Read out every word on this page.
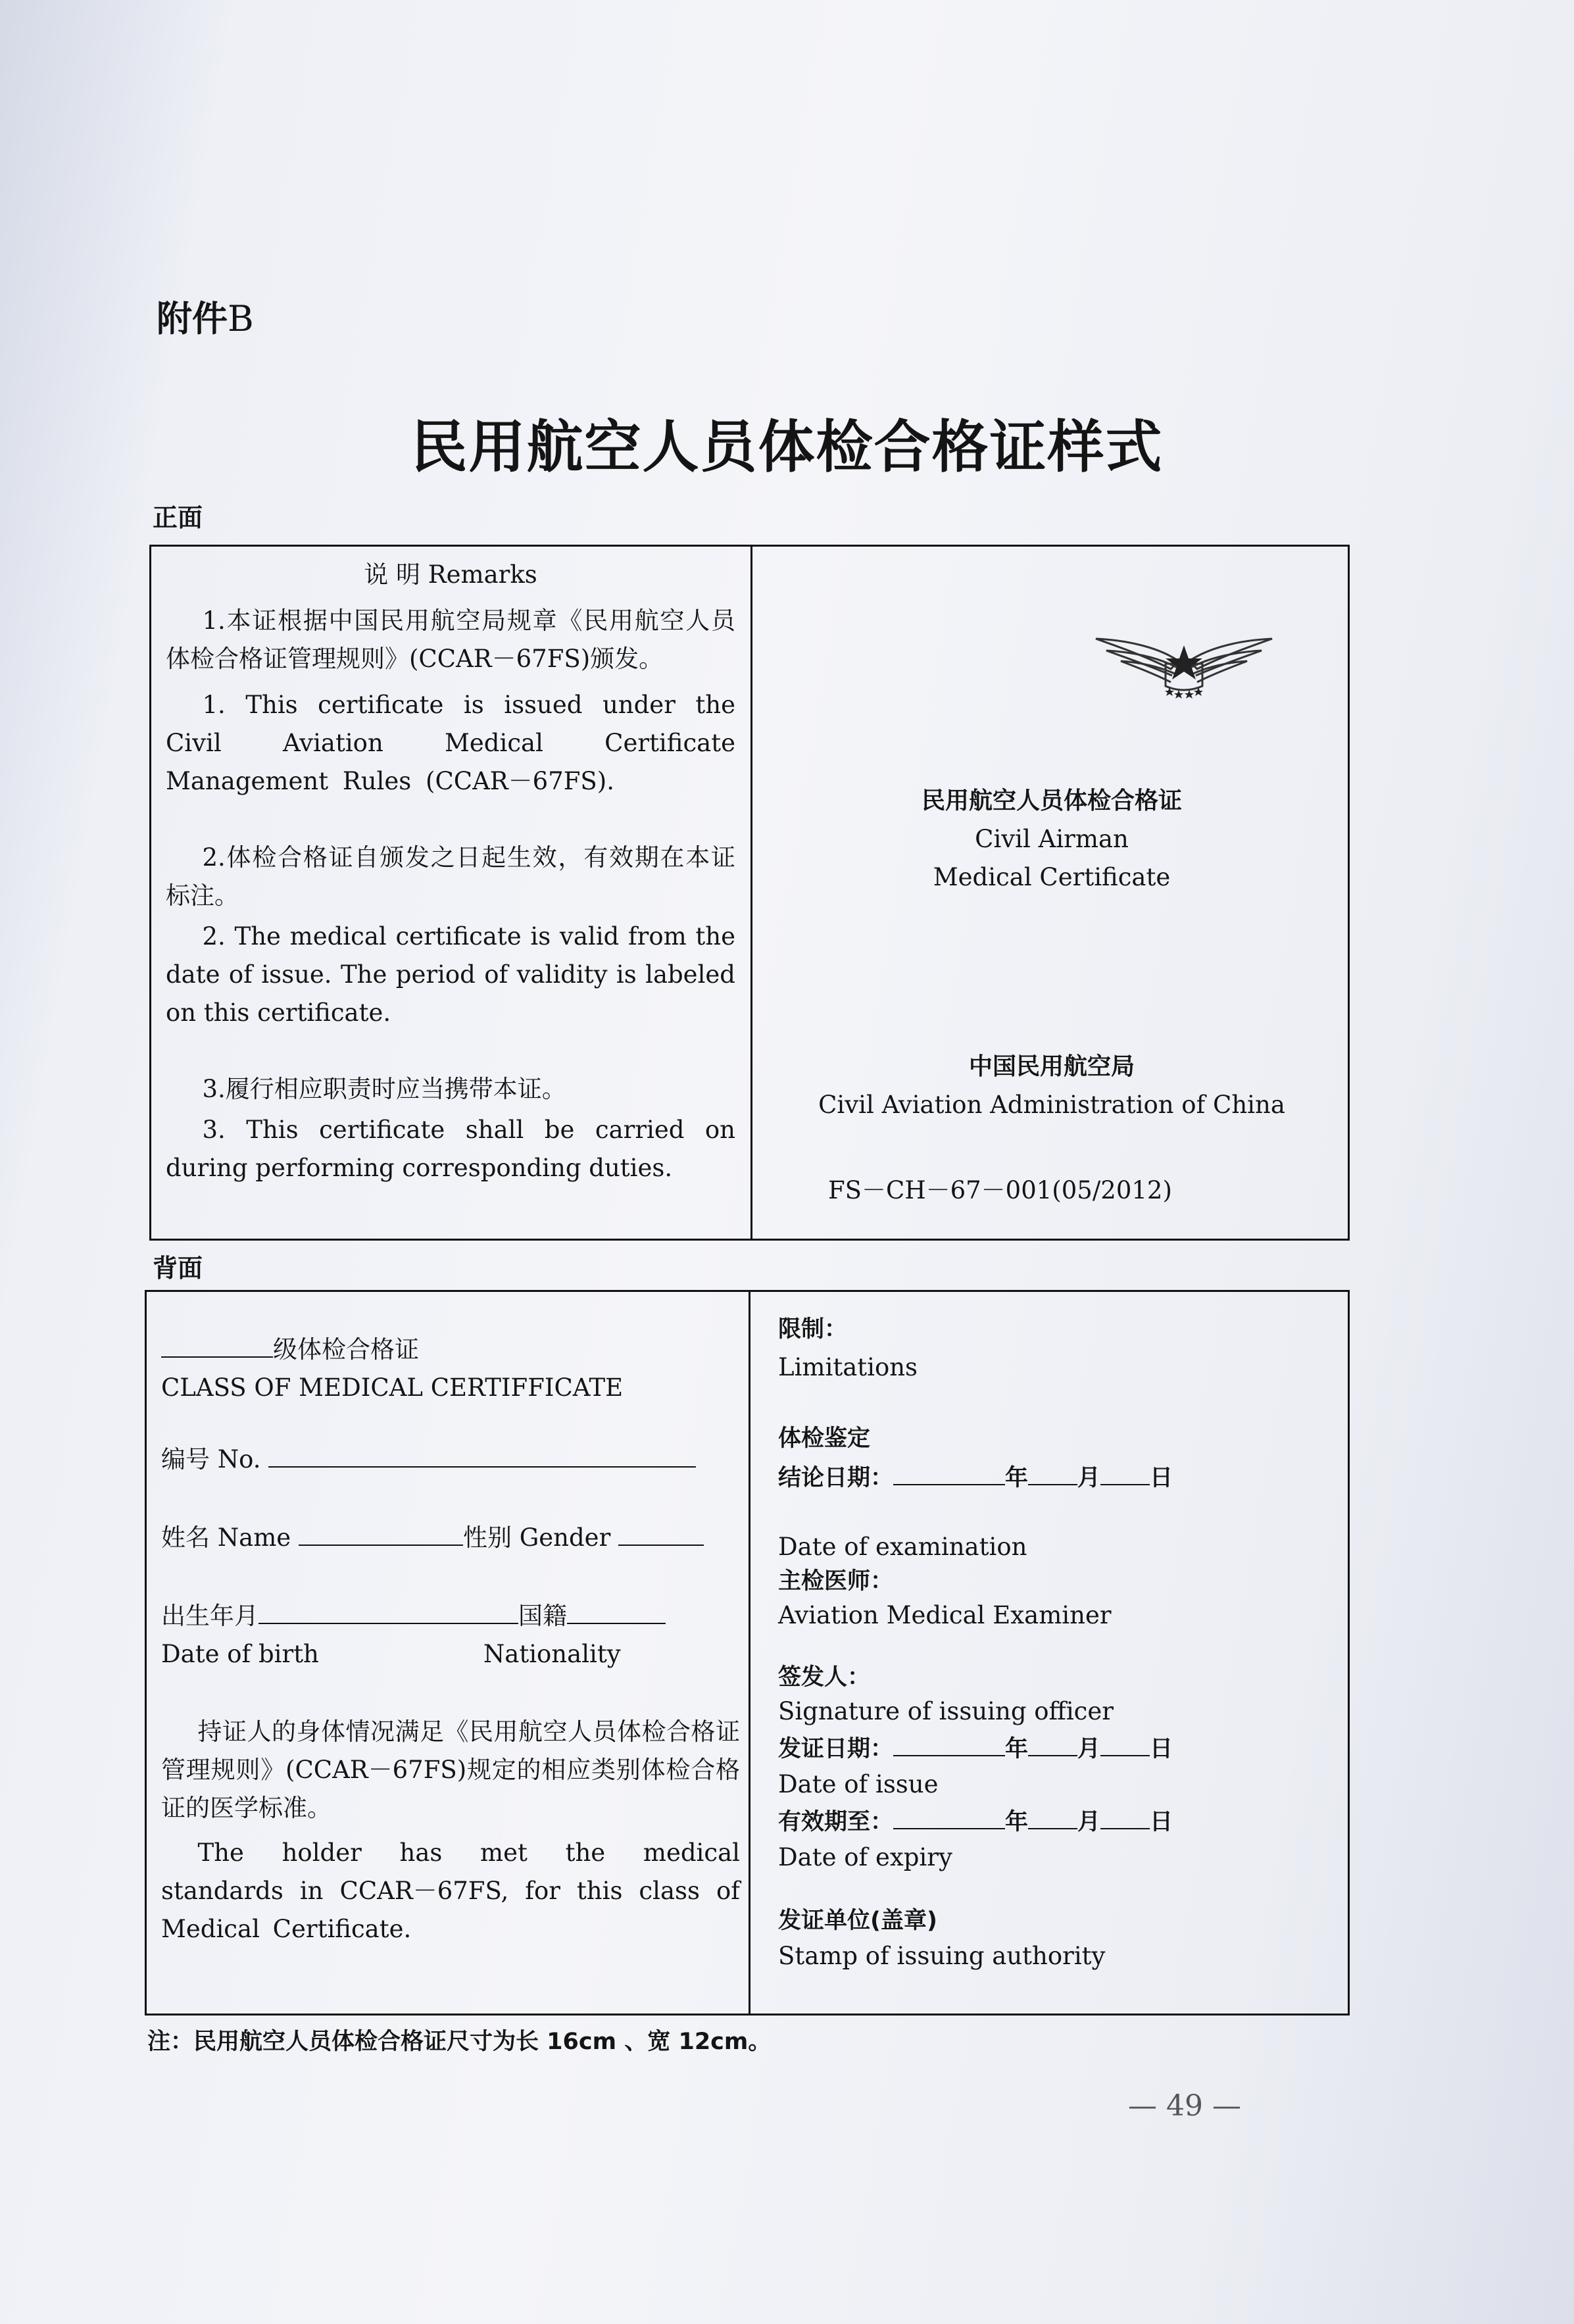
附件B
民用航空人员体检合格证样式
正面
说 明 Remarks
1.本证根据中国民用航空局规章《民用航空人员体检合格证管理规则》(CCAR－67FS)颁发。
1. This certificate is issued under the Civil Aviation Medical Certificate Management Rules (CCAR－67FS).
2.体检合格证自颁发之日起生效，有效期在本证标注。
2. The medical certificate is valid from the date of issue. The period of validity is labeled on this certificate.
3.履行相应职责时应当携带本证。
3. This certificate shall be carried on during performing corresponding duties.
民用航空人员体检合格证
Civil Airman
Medical Certificate
中国民用航空局
Civil Aviation Administration of China
FS－CH－67－001(05/2012)
背面
级体检合格证
CLASS OF MEDICAL CERTIFFICATE
编号 No.
姓名 Name	性别 Gender
出生年月	国籍
Date of birth	Nationality
持证人的身体情况满足《民用航空人员体检合格证管理规则》(CCAR－67FS)规定的相应类别体检合格证的医学标准。
The holder has met the medical standards in CCAR－67FS, for this class of Medical Certificate.
限制：
Limitations
体检鉴定
结论日期：	年 月 日
Date of examination
主检医师：
Aviation Medical Examiner
签发人：
Signature of issuing officer
发证日期：	年 月 日
Date of issue
有效期至：	年 月 日
Date of expiry
发证单位(盖章)
Stamp of issuing authority
注：民用航空人员体检合格证尺寸为长 16cm 、宽 12cm。
— 49 —
